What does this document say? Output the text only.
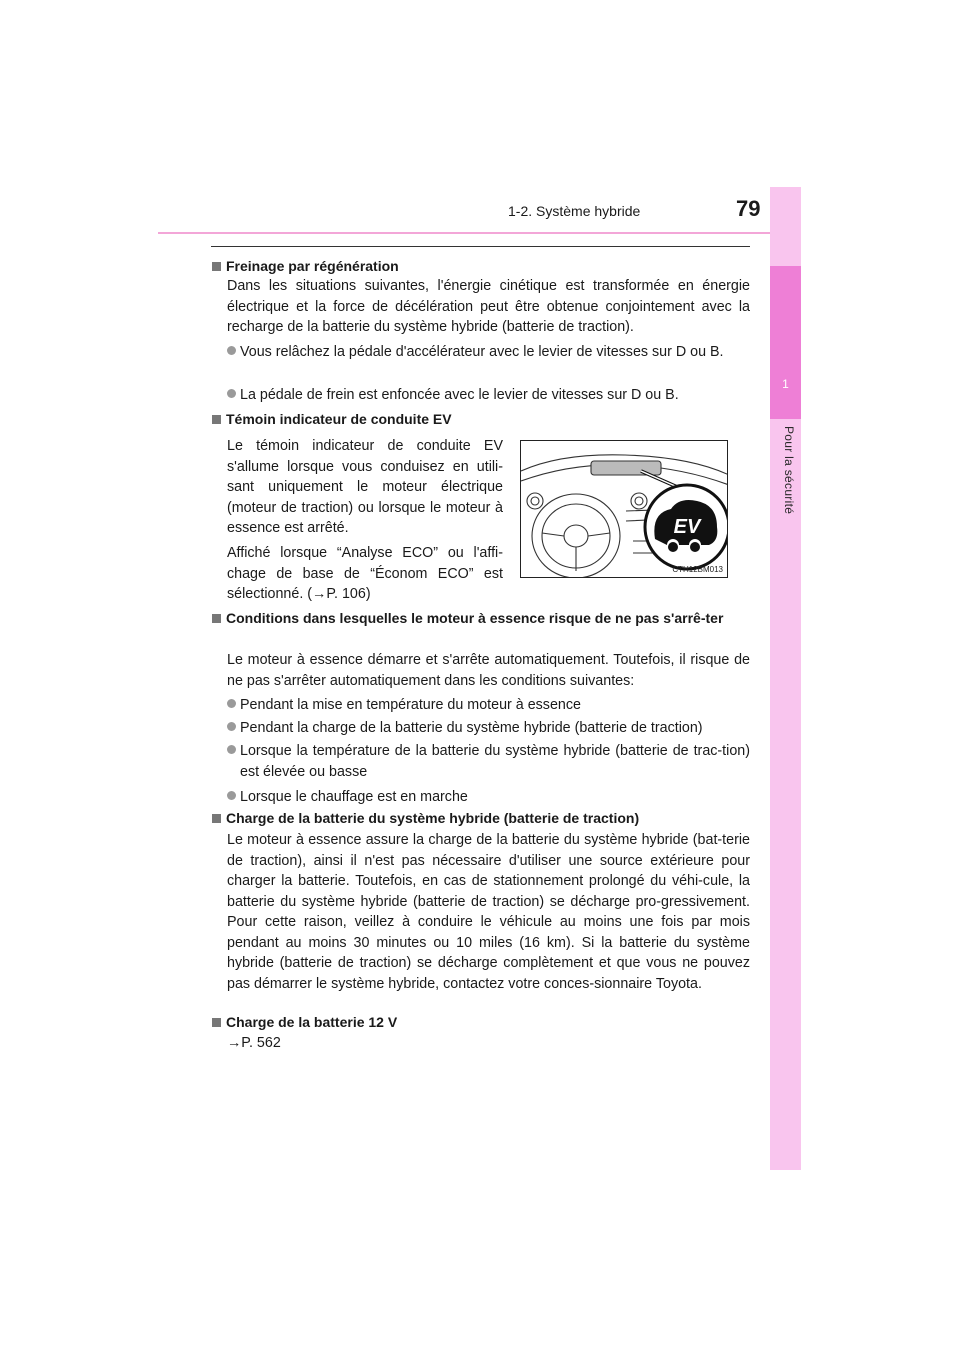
1-2. Système hybride	79
1
Pour la sécurité
Freinage par régénération
Dans les situations suivantes, l'énergie cinétique est transformée en énergie électrique et la force de décélération peut être obtenue conjointement avec la recharge de la batterie du système hybride (batterie de traction).
Vous relâchez la pédale d'accélérateur avec le levier de vitesses sur D ou B.
La pédale de frein est enfoncée avec le levier de vitesses sur D ou B.
Témoin indicateur de conduite EV
Le témoin indicateur de conduite EV s'allume lorsque vous conduisez en utili-sant uniquement le moteur électrique (moteur de traction) ou lorsque le moteur à essence est arrêté.
Affiché lorsque “Analyse ECO” ou l'affi-chage de base de “Économ ECO” est sélectionné. (→P. 106)
EV
CTH12BM013
Conditions dans lesquelles le moteur à essence risque de ne pas s'arrê-ter
Le moteur à essence démarre et s'arrête automatiquement. Toutefois, il risque de ne pas s'arrêter automatiquement dans les conditions suivantes:
Pendant la mise en température du moteur à essence
Pendant la charge de la batterie du système hybride (batterie de traction)
Lorsque la température de la batterie du système hybride (batterie de trac-tion) est élevée ou basse
Lorsque le chauffage est en marche
Charge de la batterie du système hybride (batterie de traction)
Le moteur à essence assure la charge de la batterie du système hybride (bat-terie de traction), ainsi il n'est pas nécessaire d'utiliser une source extérieure pour charger la batterie. Toutefois, en cas de stationnement prolongé du véhi-cule, la batterie du système hybride (batterie de traction) se décharge pro-gressivement. Pour cette raison, veillez à conduire le véhicule au moins une fois par mois pendant au moins 30 minutes ou 10 miles (16 km). Si la batterie du système hybride (batterie de traction) se décharge complètement et que vous ne pouvez pas démarrer le système hybride, contactez votre conces-sionnaire Toyota.
Charge de la batterie 12 V
→P. 562
